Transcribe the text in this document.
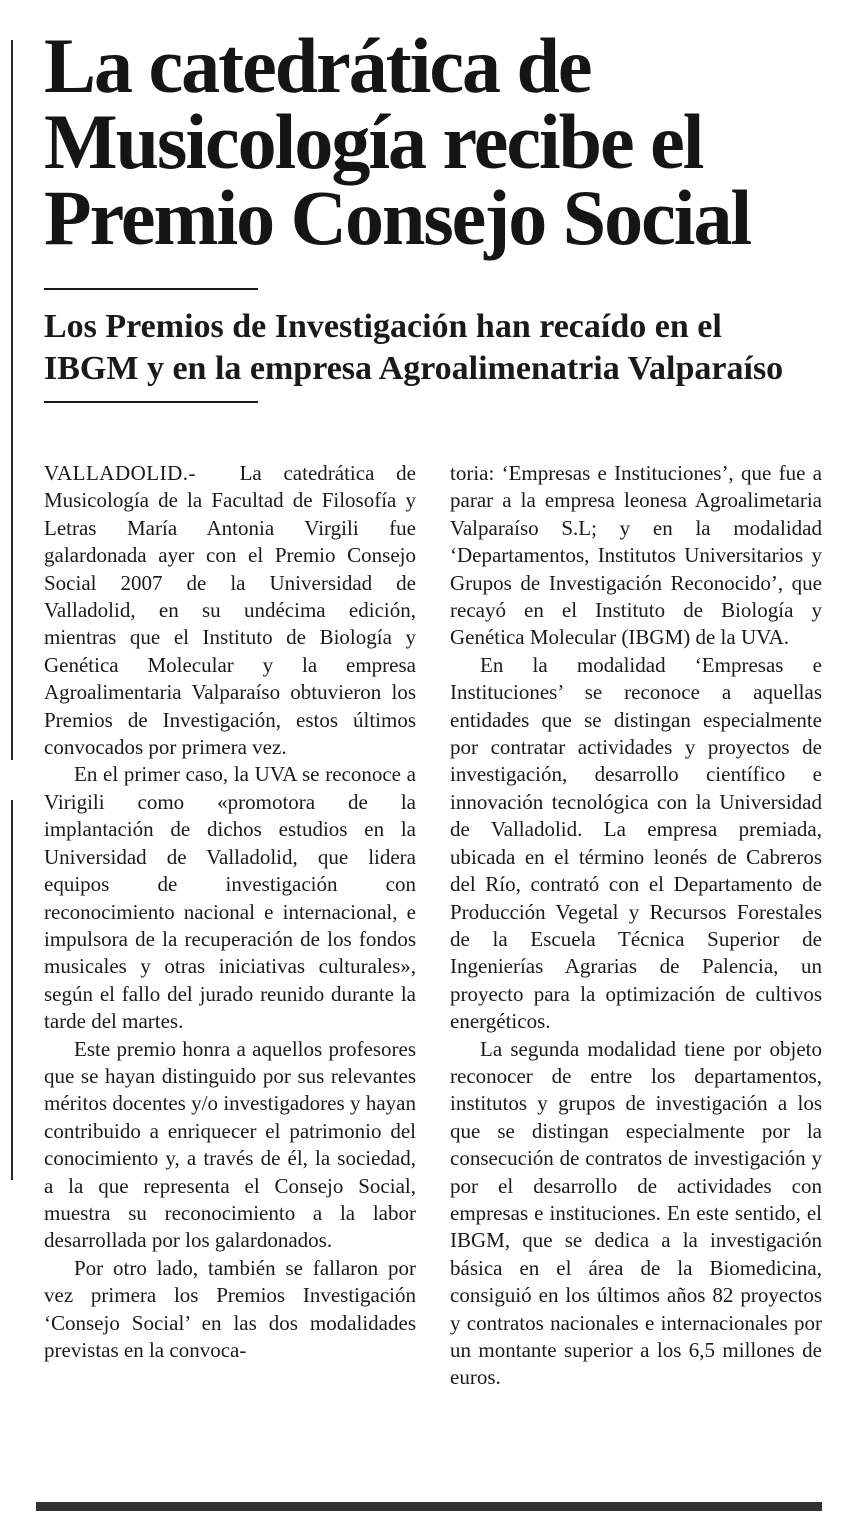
La catedrática de
Musicología recibe el
Premio Consejo Social
Los Premios de Investigación han recaído en el
IBGM y en la empresa Agroalimenatria Valparaíso

VALLADOLID.- La catedrática de Musicología de la Facultad de Filosofía y Letras María Antonia Virgili fue galardonada ayer con el Premio Consejo Social 2007 de la Universidad de Valladolid, en su undécima edición, mientras que el Instituto de Biología y Genética Molecular y la empresa Agroalimentaria Valparaíso obtuvieron los Premios de Investigación, estos últimos convocados por primera vez.

En el primer caso, la UVA se reconoce a Virigili como «promotora de la implantación de dichos estudios en la Universidad de Valladolid, que lidera equipos de investigación con reconocimiento nacional e internacional, e impulsora de la recuperación de los fondos musicales y otras iniciativas culturales», según el fallo del jurado reunido durante la tarde del martes.

Este premio honra a aquellos profesores que se hayan distinguido por sus relevantes méritos docentes y/o investigadores y hayan contribuido a enriquecer el patrimonio del conocimiento y, a través de él, la sociedad, a la que representa el Consejo Social, muestra su reconocimiento a la labor desarrollada por los galardonados.

Por otro lado, también se fallaron por vez primera los Premios Investigación ‘Consejo Social’ en las dos modalidades previstas en la convoca-

toria: ‘Empresas e Instituciones’, que fue a parar a la empresa leonesa Agroalimetaria Valparaíso S.L; y en la modalidad ‘Departamentos, Institutos Universitarios y Grupos de Investigación Reconocido’, que recayó en el Instituto de Biología y Genética Molecular (IBGM) de la UVA.

En la modalidad ‘Empresas e Instituciones’ se reconoce a aquellas entidades que se distingan especialmente por contratar actividades y proyectos de investigación, desarrollo científico e innovación tecnológica con la Universidad de Valladolid. La empresa premiada, ubicada en el término leonés de Cabreros del Río, contrató con el Departamento de Producción Vegetal y Recursos Forestales de la Escuela Técnica Superior de Ingenierías Agrarias de Palencia, un proyecto para la optimización de cultivos energéticos.

La segunda modalidad tiene por objeto reconocer de entre los departamentos, institutos y grupos de investigación a los que se distingan especialmente por la consecución de contratos de investigación y por el desarrollo de actividades con empresas e instituciones. En este sentido, el IBGM, que se dedica a la investigación básica en el área de la Biomedicina, consiguió en los últimos años 82 proyectos y contratos nacionales e internacionales por un montante superior a los 6,5 millones de euros.
